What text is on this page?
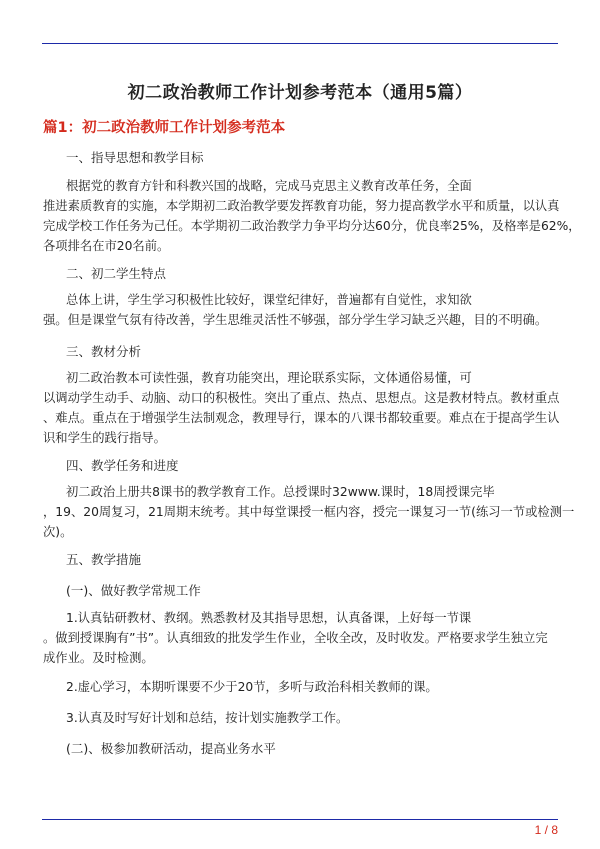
初二政治教师工作计划参考范本（通用5篇）
篇1：初二政治教师工作计划参考范本
一、指导思想和教学目标
根据党的教育方针和科教兴国的战略，完成马克思主义教育改革任务，全面
推进素质教育的实施，本学期初二政治教学要发挥教育功能，努力提高教学水平和质量，以认真
完成学校工作任务为己任。本学期初二政治教学力争平均分达60分，优良率25%，及格率是62%，
各项排名在市20名前。
二、初二学生特点
总体上讲，学生学习积极性比较好，课堂纪律好，普遍都有自觉性，求知欲
强。但是课堂气氛有待改善，学生思维灵活性不够强，部分学生学习缺乏兴趣，目的不明确。
三、教材分析
初二政治教本可读性强，教育功能突出，理论联系实际，文体通俗易懂，可
以调动学生动手、动脑、动口的积极性。突出了重点、热点、思想点。这是教材特点。教材重点
、难点。重点在于增强学生法制观念，教理导行，课本的八课书都较重要。难点在于提高学生认
识和学生的践行指导。
四、教学任务和进度
初二政治上册共8课书的教学教育工作。总授课时32www.课时，18周授课完毕
，19、20周复习，21周期末统考。其中每堂课授一框内容，授完一课复习一节(练习一节或检测一
次)。
五、教学措施
(一)、做好教学常规工作
1.认真钻研教材、教纲。熟悉教材及其指导思想，认真备课，上好每一节课
。做到授课胸有”书”。认真细致的批发学生作业，全收全改，及时收发。严格要求学生独立完
成作业。及时检测。
2.虚心学习，本期听课要不少于20节，多听与政治科相关教师的课。
3.认真及时写好计划和总结，按计划实施教学工作。
(二)、极参加教研活动，提高业务水平
1 / 8
